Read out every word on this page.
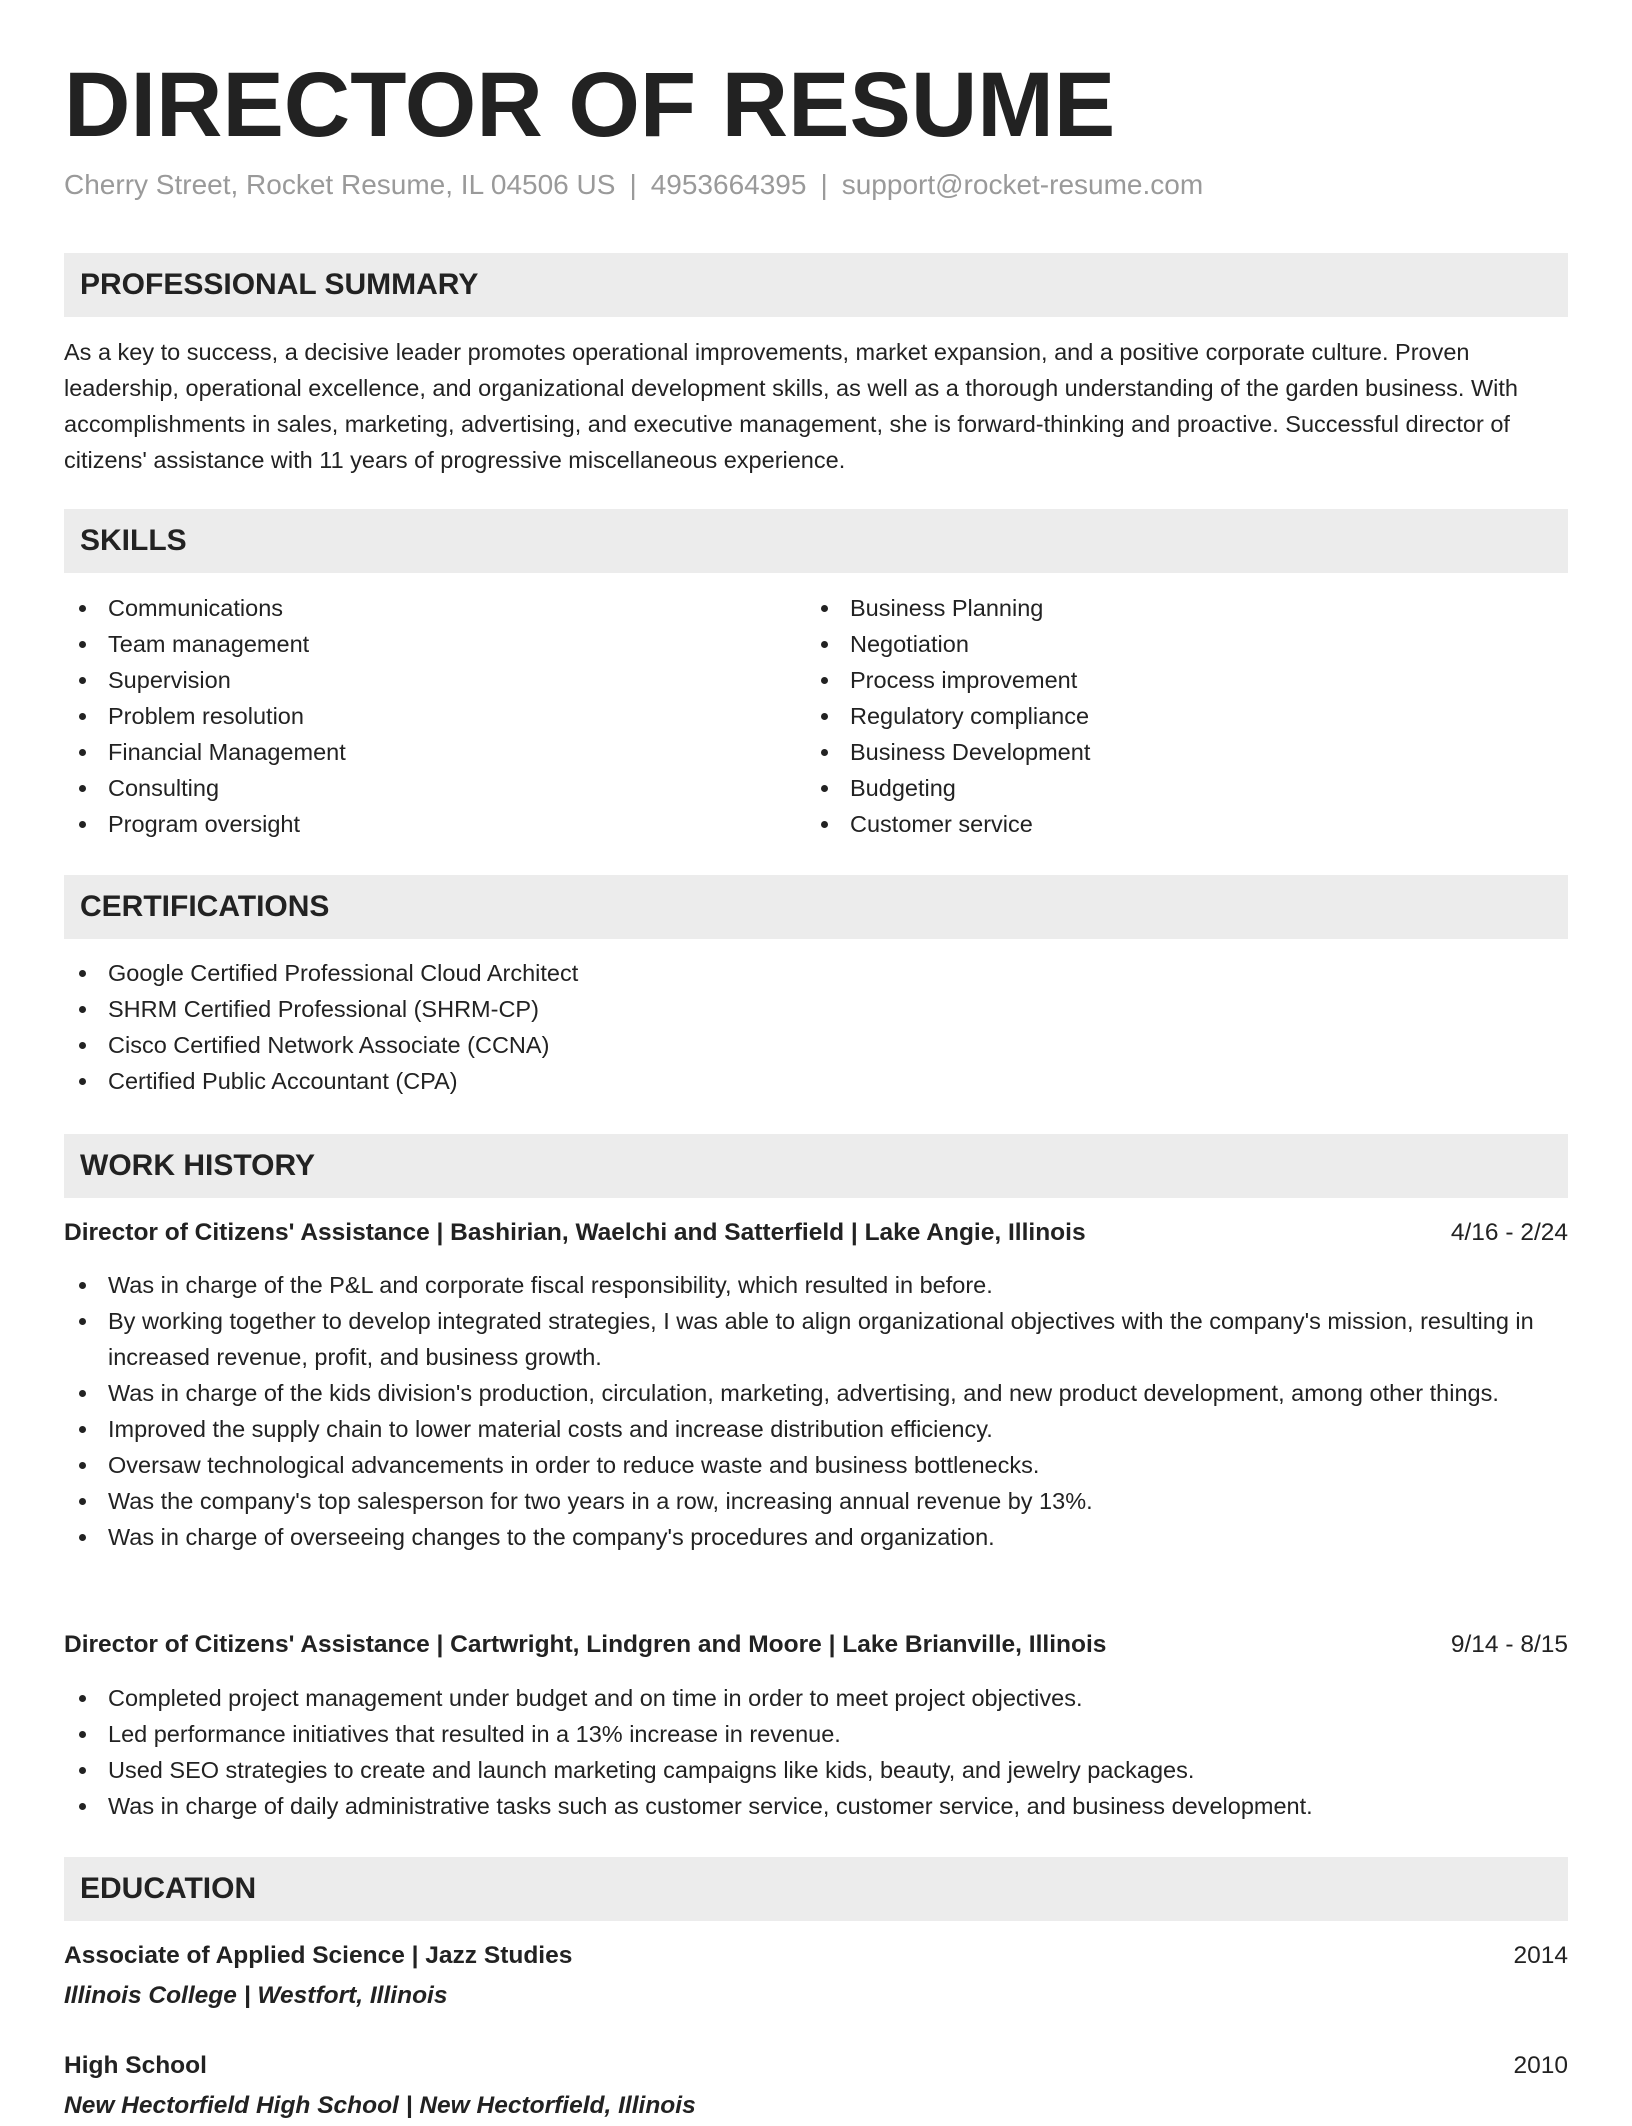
DIRECTOR OF RESUME
Cherry Street, Rocket Resume, IL 04506 US | 4953664395 | support@rocket-resume.com
PROFESSIONAL SUMMARY

As a key to success, a decisive leader promotes operational improvements, market expansion, and a positive corporate culture. Proven leadership, operational excellence, and organizational development skills, as well as a thorough understanding of the garden business. With accomplishments in sales, marketing, advertising, and executive management, she is forward-thinking and proactive. Successful director of citizens' assistance with 11 years of progressive miscellaneous experience.

SKILLS
Communications
Team management
Supervision
Problem resolution
Financial Management
Consulting
Program oversight
Business Planning
Negotiation
Process improvement
Regulatory compliance
Business Development
Budgeting
Customer service
CERTIFICATIONS
Google Certified Professional Cloud Architect
SHRM Certified Professional (SHRM-CP)
Cisco Certified Network Associate (CCNA)
Certified Public Accountant (CPA)
WORK HISTORY
Director of Citizens' Assistance | Bashirian, Waelchi and Satterfield | Lake Angie, Illinois	4/16 - 2/24
Was in charge of the P&L and corporate fiscal responsibility, which resulted in before.
By working together to develop integrated strategies, I was able to align organizational objectives with the company's mission, resulting in increased revenue, profit, and business growth.
Was in charge of the kids division's production, circulation, marketing, advertising, and new product development, among other things.
Improved the supply chain to lower material costs and increase distribution efficiency.
Oversaw technological advancements in order to reduce waste and business bottlenecks.
Was the company's top salesperson for two years in a row, increasing annual revenue by 13%.
Was in charge of overseeing changes to the company's procedures and organization.
Director of Citizens' Assistance | Cartwright, Lindgren and Moore | Lake Brianville, Illinois	9/14 - 8/15
Completed project management under budget and on time in order to meet project objectives.
Led performance initiatives that resulted in a 13% increase in revenue.
Used SEO strategies to create and launch marketing campaigns like kids, beauty, and jewelry packages.
Was in charge of daily administrative tasks such as customer service, customer service, and business development.
EDUCATION
Associate of Applied Science | Jazz Studies	2014
Illinois College | Westfort, Illinois
High School	2010
New Hectorfield High School | New Hectorfield, Illinois
